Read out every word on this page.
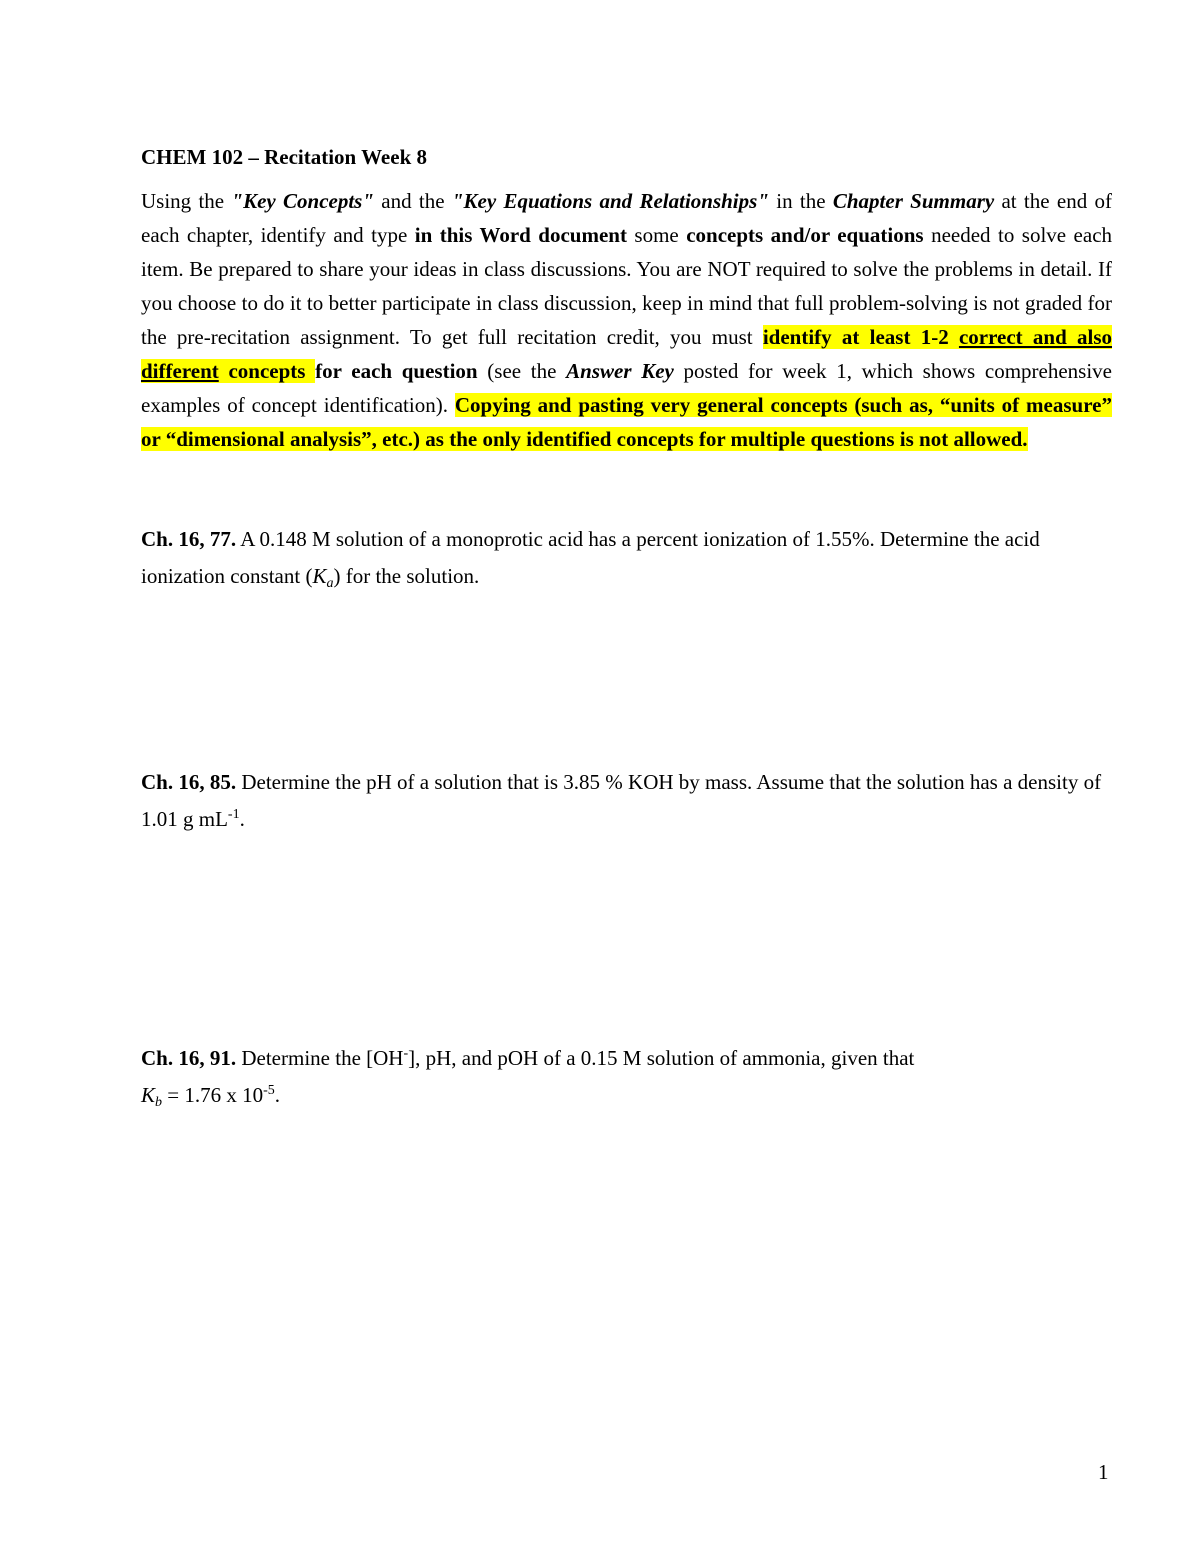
CHEM 102 – Recitation Week 8
Using the "Key Concepts" and the "Key Equations and Relationships" in the Chapter Summary at the end of each chapter, identify and type in this Word document some concepts and/or equations needed to solve each item. Be prepared to share your ideas in class discussions. You are NOT required to solve the problems in detail. If you choose to do it to better participate in class discussion, keep in mind that full problem-solving is not graded for the pre-recitation assignment. To get full recitation credit, you must identify at least 1-2 correct and also different concepts for each question (see the Answer Key posted for week 1, which shows comprehensive examples of concept identification). Copying and pasting very general concepts (such as, “units of measure” or “dimensional analysis”, etc.) as the only identified concepts for multiple questions is not allowed.
Ch. 16, 77. A 0.148 M solution of a monoprotic acid has a percent ionization of 1.55%. Determine the acid ionization constant $(K_a)$ for the solution.
Ch. 16, 85. Determine the pH of a solution that is 3.85 % KOH by mass. Assume that the solution has a density of 1.01 g $mL^{-1}$.
Ch. 16, 91. Determine the [OH-], pH, and pOH of a 0.15 M solution of ammonia, given that
$K_b = 1.76$ x $10^{-5}$.
1
